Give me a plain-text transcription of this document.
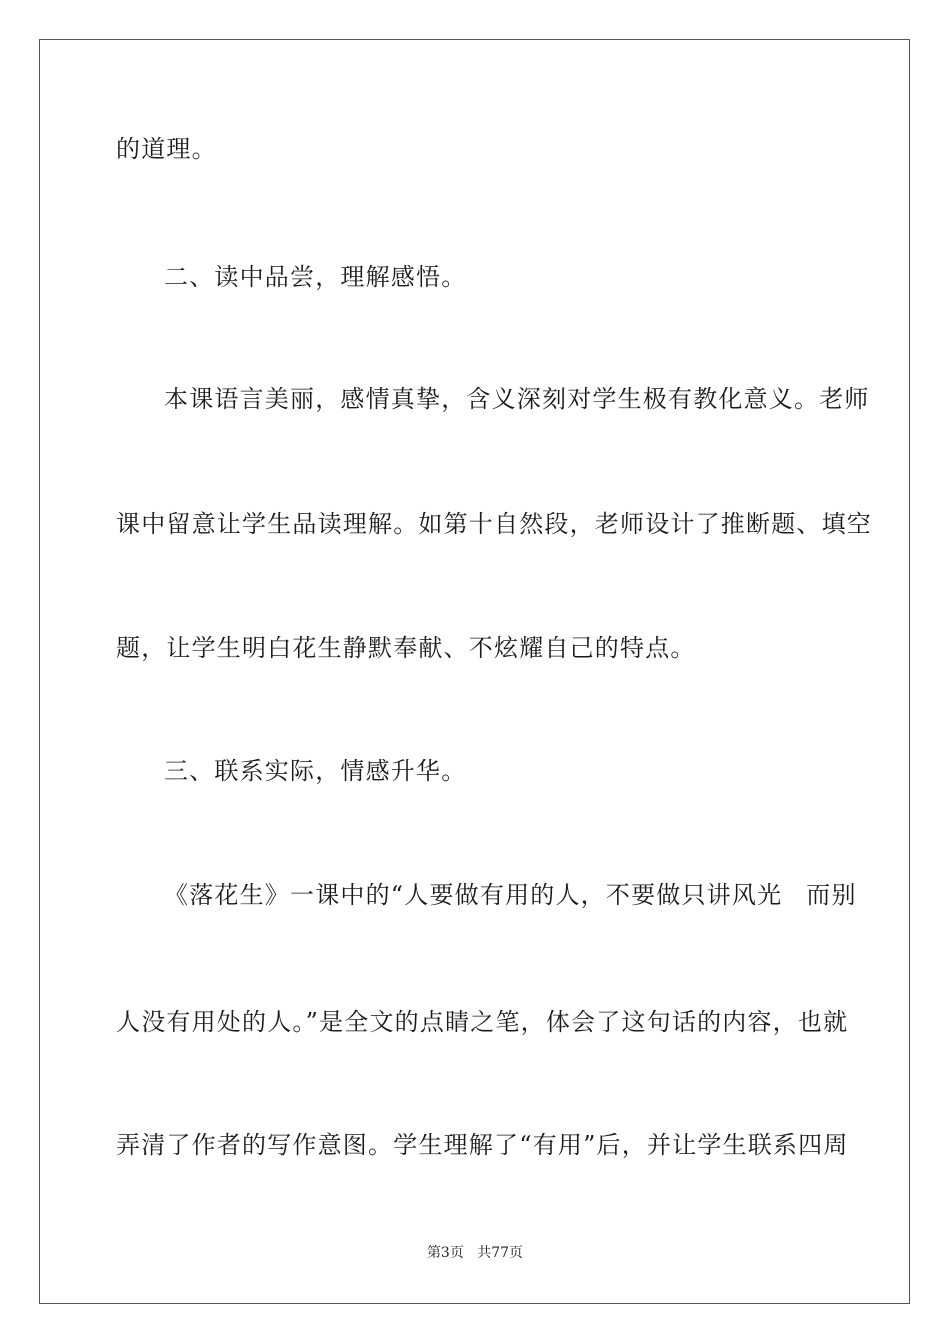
的道理。
二、读中品尝，理解感悟。
本课语言美丽，感情真挚，含义深刻对学生极有教化意义。老师
课中留意让学生品读理解。如第十自然段，老师设计了推断题、填空
题，让学生明白花生静默奉献、不炫耀自己的特点。
三、联系实际，情感升华。
《落花生》一课中的“人要做有用的人，不要做只讲风光 而别
人没有用处的人。”是全文的点睛之笔，体会了这句话的内容，也就
弄清了作者的写作意图。学生理解了“有用”后，并让学生联系四周
第3页 共77页
